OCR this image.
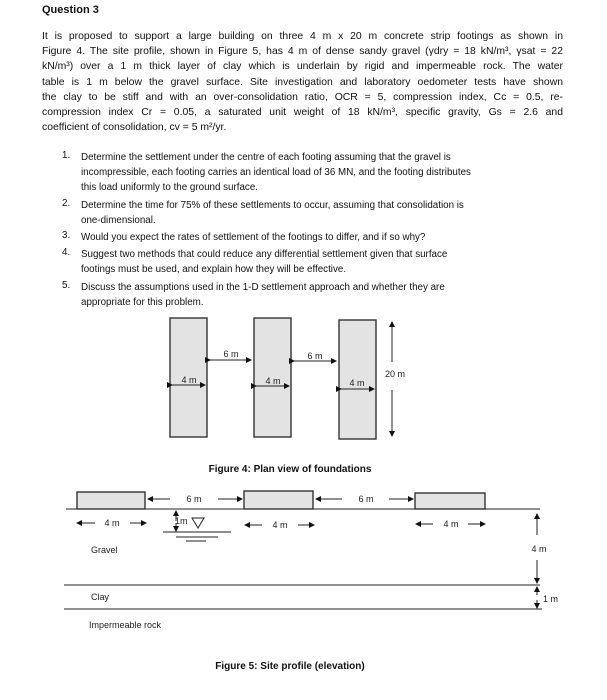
Question 3
It is proposed to support a large building on three 4 m x 20 m concrete strip footings as shown in
Figure 4. The site profile, shown in Figure 5, has 4 m of dense sandy gravel (γdry = 18 kN/m³, γsat = 22
kN/m³) over a 1 m thick layer of clay which is underlain by rigid and impermeable rock. The water
table is 1 m below the gravel surface. Site investigation and laboratory oedometer tests have shown
the clay to be stiff and with an over-consolidation ratio, OCR = 5, compression index, Cc = 0.5, re-
compression index Cr = 0.05, a saturated unit weight of 18 kN/m³, specific gravity, Gs = 2.6 and
coefficient of consolidation, cv = 5 m²/yr.
1. Determine the settlement under the centre of each footing assuming that the gravel is
incompressible, each footing carries an identical load of 36 MN, and the footing distributes
this load uniformly to the ground surface.
2. Determine the time for 75% of these settlements to occur, assuming that consolidation is
one-dimensional.
3. Would you expect the rates of settlement of the footings to differ, and if so why?
4. Suggest two methods that could reduce any differential settlement given that surface
footings must be used, and explain how they will be effective.
5. Discuss the assumptions used in the 1-D settlement approach and whether they are
appropriate for this problem.
6 m	6 m
4 m	4 m	4 m
20 m
Figure 4: Plan view of foundations
6 m	6 m
4 m	4 m	4 m
1m
Gravel
Clay
Impermeable rock
4 m
1 m
Figure 5: Site profile (elevation)
